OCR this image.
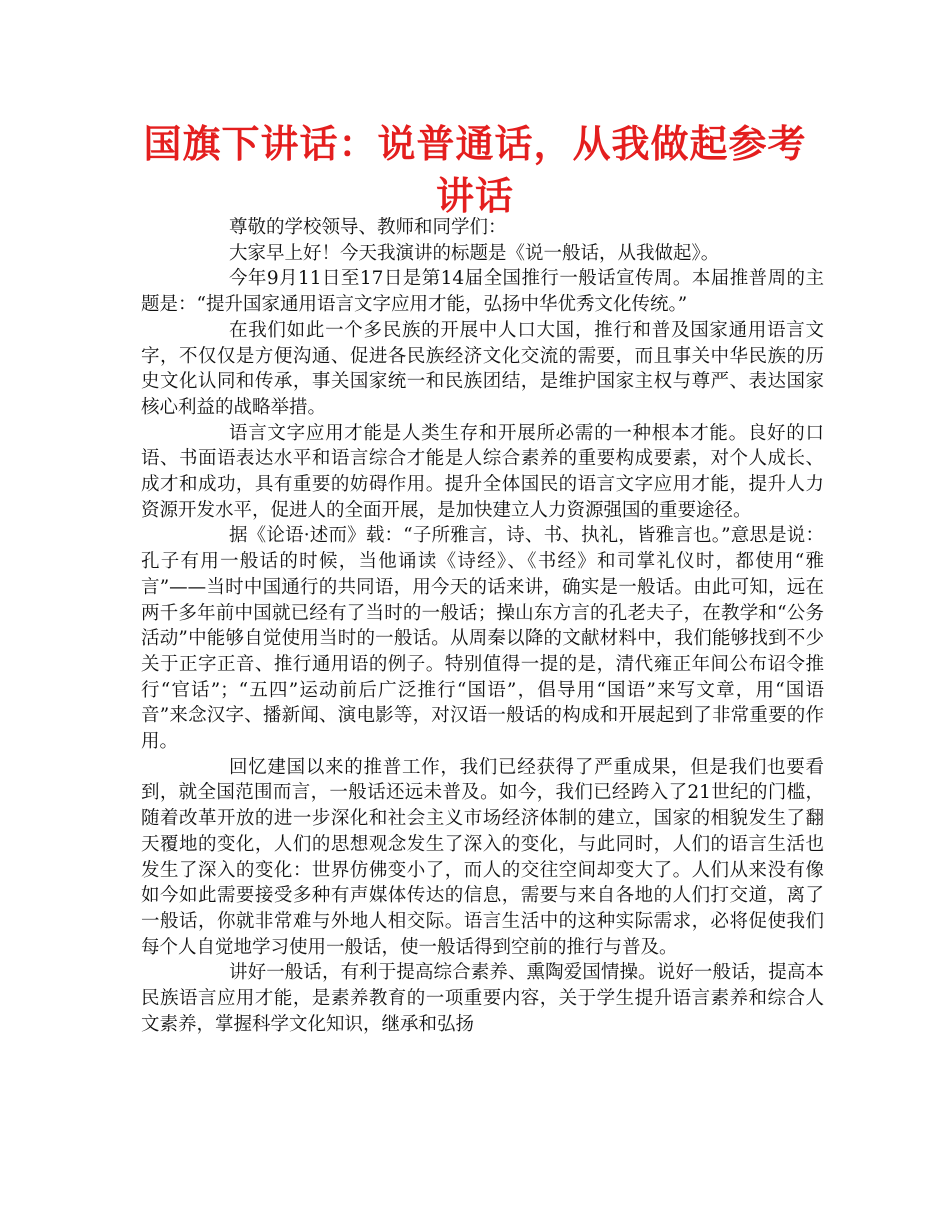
国旗下讲话：说普通话，从我做起参考讲话

尊敬的学校领导、教师和同学们：

大家早上好！今天我演讲的标题是《说一般话，从我做起》。

今年9月11日至17日是第14届全国推行一般话宣传周。本届推普周的主题是：“提升国家通用语言文字应用才能，弘扬中华优秀文化传统。”

在我们如此一个多民族的开展中人口大国，推行和普及国家通用语言文字，不仅仅是方便沟通、促进各民族经济文化交流的需要，而且事关中华民族的历史文化认同和传承，事关国家统一和民族团结，是维护国家主权与尊严、表达国家核心利益的战略举措。

语言文字应用才能是人类生存和开展所必需的一种根本才能。良好的口语、书面语表达水平和语言综合才能是人综合素养的重要构成要素，对个人成长、成才和成功，具有重要的妨碍作用。提升全体国民的语言文字应用才能，提升人力资源开发水平，促进人的全面开展，是加快建立人力资源强国的重要途径。

据《论语·述而》载：“子所雅言，诗、书、执礼，皆雅言也。”意思是说：孔子有用一般话的时候，当他诵读《诗经》、《书经》和司掌礼仪时，都使用“雅言”——当时中国通行的共同语，用今天的话来讲，确实是一般话。由此可知，远在两千多年前中国就已经有了当时的一般话；操山东方言的孔老夫子，在教学和“公务活动”中能够自觉使用当时的一般话。从周秦以降的文献材料中，我们能够找到不少关于正字正音、推行通用语的例子。特别值得一提的是，清代雍正年间公布诏令推行“官话”；“五四”运动前后广泛推行“国语”，倡导用“国语”来写文章，用“国语音”来念汉字、播新闻、演电影等，对汉语一般话的构成和开展起到了非常重要的作用。

回忆建国以来的推普工作，我们已经获得了严重成果，但是我们也要看到，就全国范围而言，一般话还远未普及。如今，我们已经跨入了21世纪的门槛，随着改革开放的进一步深化和社会主义市场经济体制的建立，国家的相貌发生了翻天覆地的变化，人们的思想观念发生了深入的变化，与此同时，人们的语言生活也发生了深入的变化：世界仿佛变小了，而人的交往空间却变大了。人们从来没有像如今如此需要接受多种有声媒体传达的信息，需要与来自各地的人们打交道，离了一般话，你就非常难与外地人相交际。语言生活中的这种实际需求，必将促使我们每个人自觉地学习使用一般话，使一般话得到空前的推行与普及。

讲好一般话，有利于提高综合素养、熏陶爱国情操。说好一般话，提高本民族语言应用才能，是素养教育的一项重要内容，关于学生提升语言素养和综合人文素养，掌握科学文化知识，继承和弘扬
